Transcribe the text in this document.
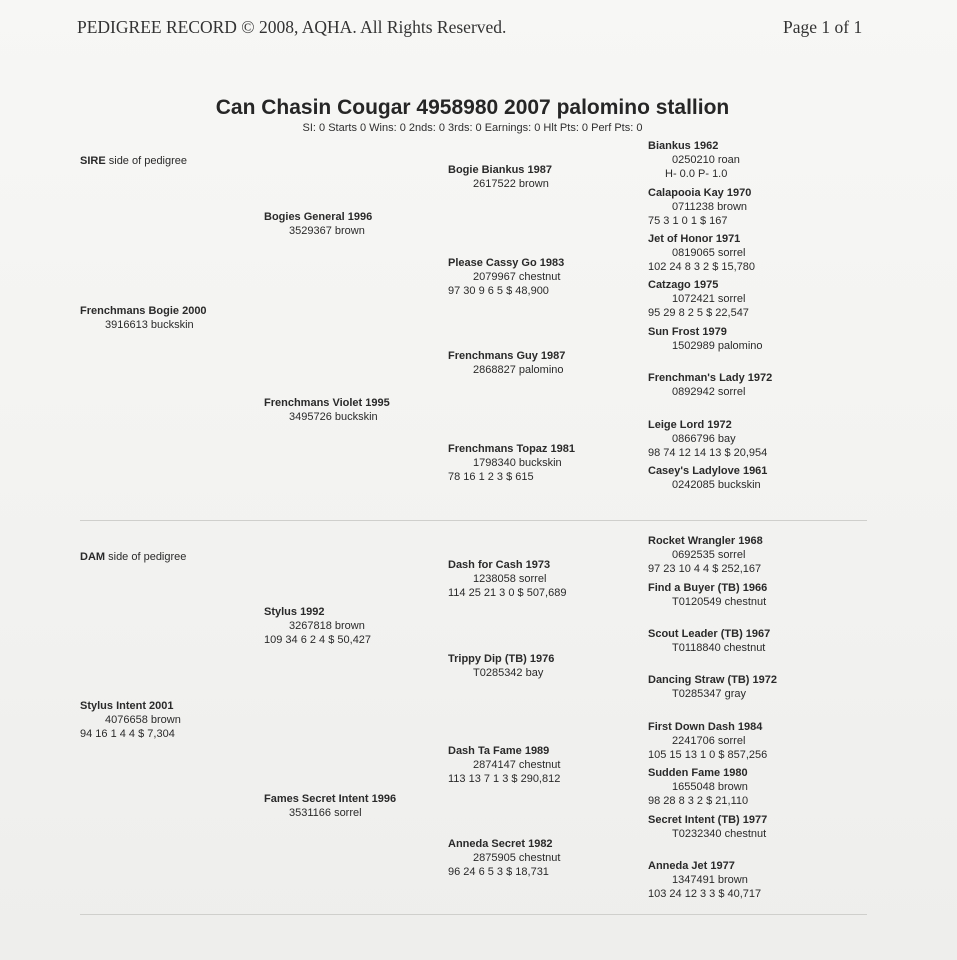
PEDIGREE RECORD © 2008, AQHA. All Rights Reserved.	Page 1 of 1
Can Chasin Cougar 4958980 2007 palomino stallion
SI: 0 Starts 0 Wins: 0 2nds: 0 3rds: 0 Earnings: 0 Hlt Pts: 0 Perf Pts: 0
SIRE side of pedigree
DAM side of pedigree
Frenchmans Bogie 2000
3916613 buckskin
Bogies General 1996
3529367 brown
Frenchmans Violet 1995
3495726 buckskin
Bogie Biankus 1987
2617522 brown
Please Cassy Go 1983
2079967 chestnut
97 30 9 6 5 $ 48,900
Frenchmans Guy 1987
2868827 palomino
Frenchmans Topaz 1981
1798340 buckskin
78 16 1 2 3 $ 615
Biankus 1962
0250210 roan
H- 0.0 P- 1.0
Calapooia Kay 1970
0711238 brown
75 3 1 0 1 $ 167
Jet of Honor 1971
0819065 sorrel
102 24 8 3 2 $ 15,780
Catzago 1975
1072421 sorrel
95 29 8 2 5 $ 22,547
Sun Frost 1979
1502989 palomino
Frenchman's Lady 1972
0892942 sorrel
Leige Lord 1972
0866796 bay
98 74 12 14 13 $ 20,954
Casey's Ladylove 1961
0242085 buckskin
Stylus Intent 2001
4076658 brown
94 16 1 4 4 $ 7,304
Stylus 1992
3267818 brown
109 34 6 2 4 $ 50,427
Fames Secret Intent 1996
3531166 sorrel
Dash for Cash 1973
1238058 sorrel
114 25 21 3 0 $ 507,689
Trippy Dip (TB) 1976
T0285342 bay
Dash Ta Fame 1989
2874147 chestnut
113 13 7 1 3 $ 290,812
Anneda Secret 1982
2875905 chestnut
96 24 6 5 3 $ 18,731
Rocket Wrangler 1968
0692535 sorrel
97 23 10 4 4 $ 252,167
Find a Buyer (TB) 1966
T0120549 chestnut
Scout Leader (TB) 1967
T0118840 chestnut
Dancing Straw (TB) 1972
T0285347 gray
First Down Dash 1984
2241706 sorrel
105 15 13 1 0 $ 857,256
Sudden Fame 1980
1655048 brown
98 28 8 3 2 $ 21,110
Secret Intent (TB) 1977
T0232340 chestnut
Anneda Jet 1977
1347491 brown
103 24 12 3 3 $ 40,717
